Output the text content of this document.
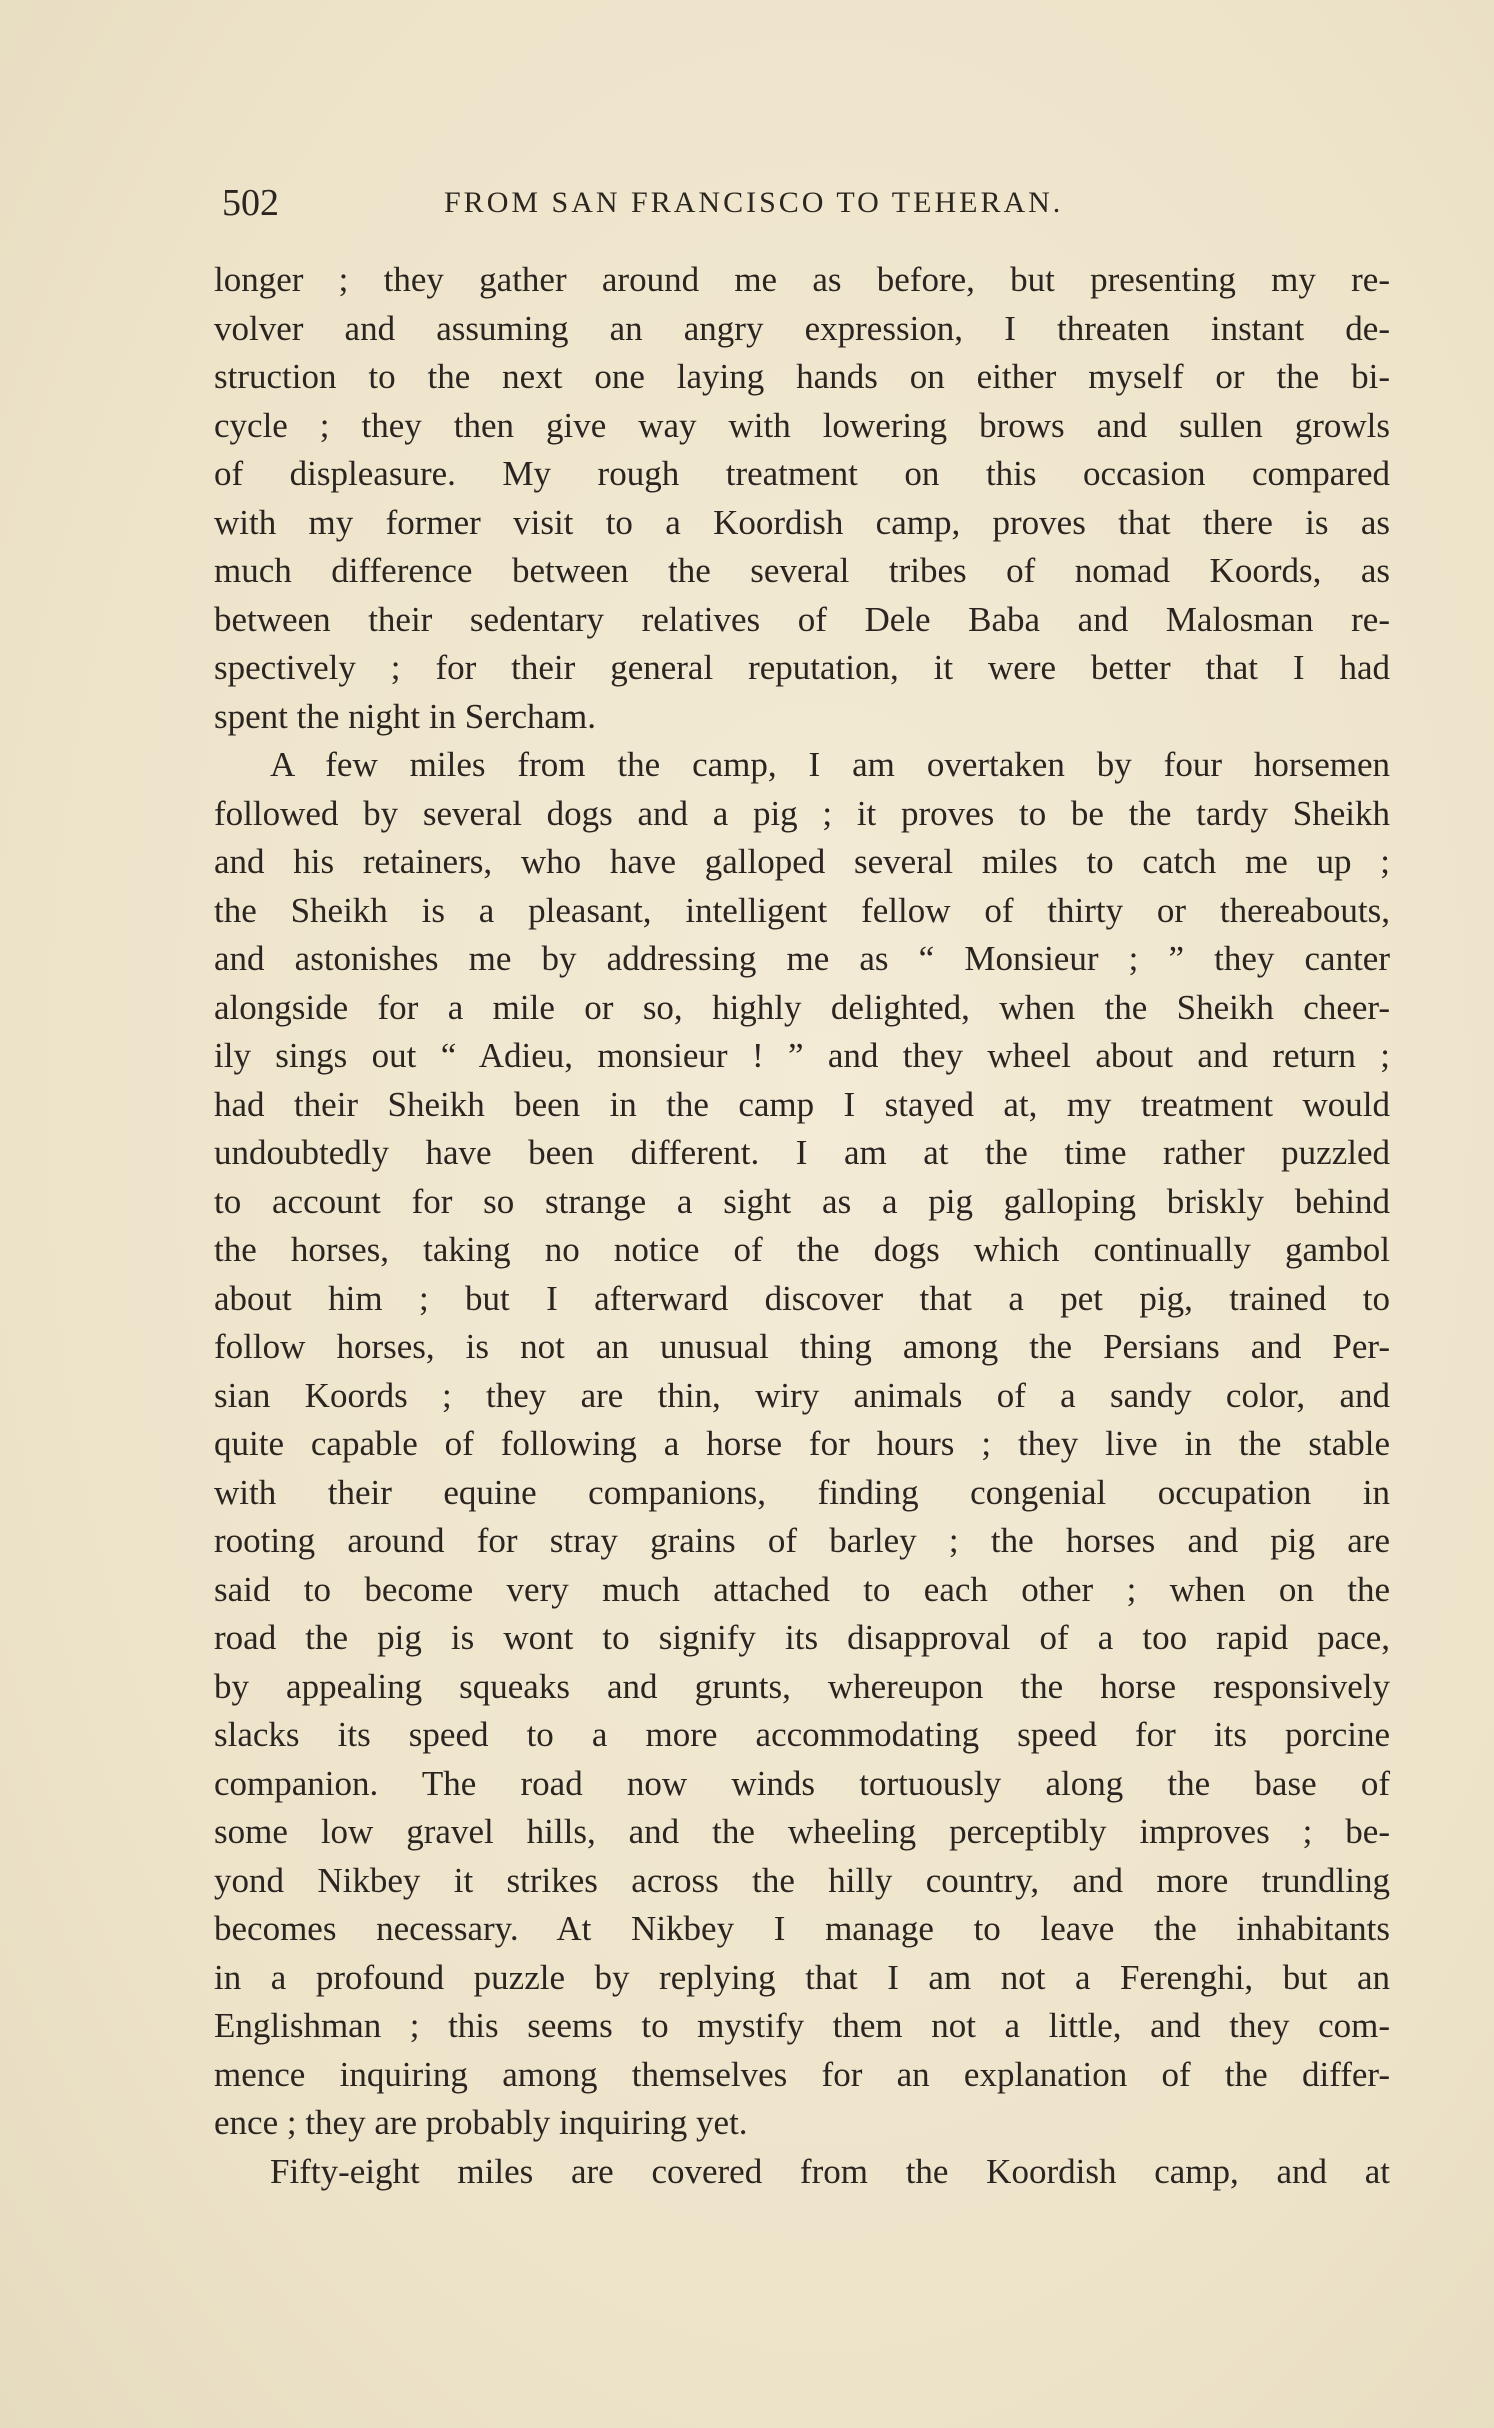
502	FROM SAN FRANCISCO TO TEHERAN.
longer ; they gather around me as before, but presenting my re-
volver and assuming an angry expression, I threaten instant de-
struction to the next one laying hands on either myself or the bi-
cycle ; they then give way with lowering brows and sullen growls
of displeasure. My rough treatment on this occasion compared
with my former visit to a Koordish camp, proves that there is as
much difference between the several tribes of nomad Koords, as
between their sedentary relatives of Dele Baba and Malosman re-
spectively ; for their general reputation, it were better that I had
spent the night in Sercham.
A few miles from the camp, I am overtaken by four horsemen
followed by several dogs and a pig ; it proves to be the tardy Sheikh
and his retainers, who have galloped several miles to catch me up ;
the Sheikh is a pleasant, intelligent fellow of thirty or thereabouts,
and astonishes me by addressing me as “ Monsieur ; ” they canter
alongside for a mile or so, highly delighted, when the Sheikh cheer-
ily sings out “ Adieu, monsieur ! ” and they wheel about and return ;
had their Sheikh been in the camp I stayed at, my treatment would
undoubtedly have been different. I am at the time rather puzzled
to account for so strange a sight as a pig galloping briskly behind
the horses, taking no notice of the dogs which continually gambol
about him ; but I afterward discover that a pet pig, trained to
follow horses, is not an unusual thing among the Persians and Per-
sian Koords ; they are thin, wiry animals of a sandy color, and
quite capable of following a horse for hours ; they live in the stable
with their equine companions, finding congenial occupation in
rooting around for stray grains of barley ; the horses and pig are
said to become very much attached to each other ; when on the
road the pig is wont to signify its disapproval of a too rapid pace,
by appealing squeaks and grunts, whereupon the horse responsively
slacks its speed to a more accommodating speed for its porcine
companion. The road now winds tortuously along the base of
some low gravel hills, and the wheeling perceptibly improves ; be-
yond Nikbey it strikes across the hilly country, and more trundling
becomes necessary. At Nikbey I manage to leave the inhabitants
in a profound puzzle by replying that I am not a Ferenghi, but an
Englishman ; this seems to mystify them not a little, and they com-
mence inquiring among themselves for an explanation of the differ-
ence ; they are probably inquiring yet.
Fifty-eight miles are covered from the Koordish camp, and at
